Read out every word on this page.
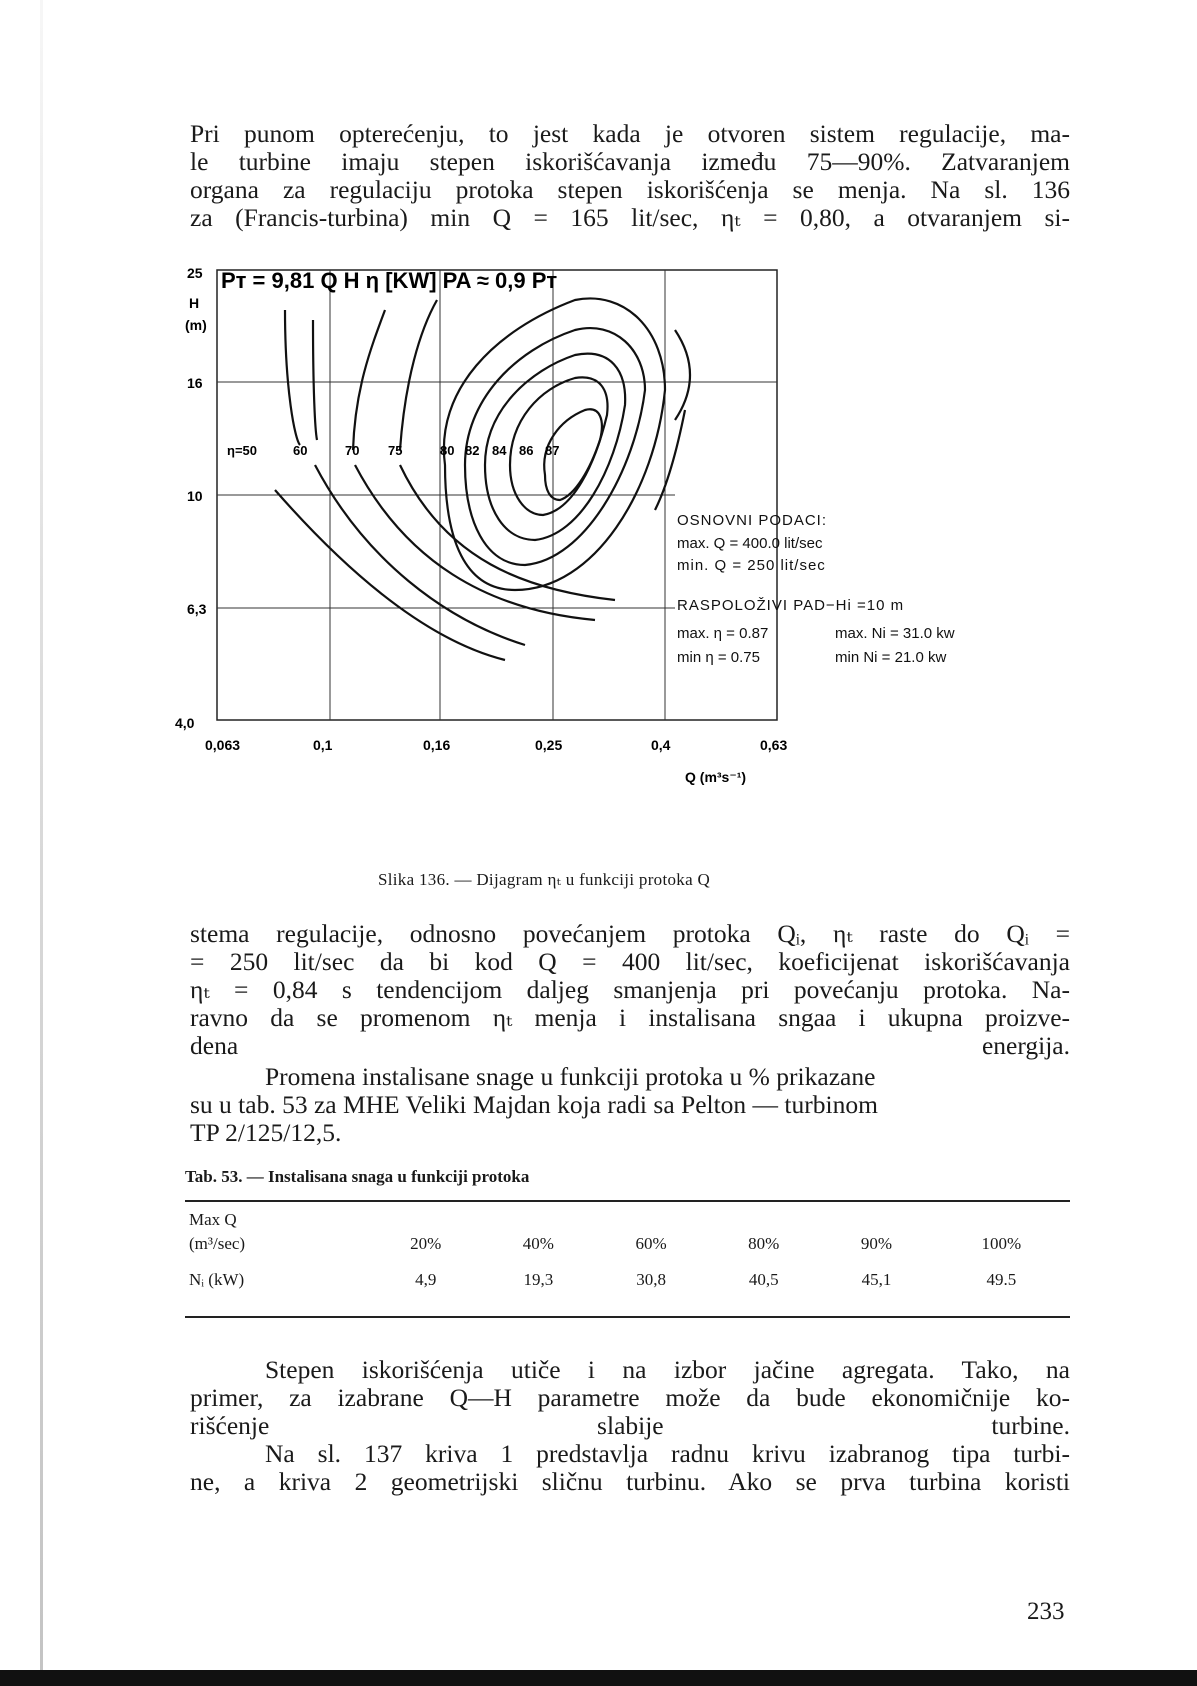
Pri punom opterećenju, to jest kada je otvoren sistem regulacije, ma-
le turbine imaju stepen iskorišćavanja između 75—90%. Zatvaranjem
organa za regulaciju protoka stepen iskorišćenja se menja. Na sl. 136
za (Francis-turbina) min Q = 165 lit/sec, ηₜ = 0,80, a otvaranjem si-
Pт = 9,81 Q H η [KW] PA ≈ 0,9 Pт
25
H
(m)
16
10
6,3
4,0
η=50	60	70 75	80 82 84 86 87
0,063	0,1	0,16	0,25	0,4	0,63
Q (m³s⁻¹)
OSNOVNI PODACI:
max. Q = 400.0 lit/sec
min. Q = 250 lit/sec
RASPOLOŽIVI PAD−Hi =10 m
max. η = 0.87	max. Ni = 31.0 kw
min η = 0.75	min Ni = 21.0 kw
Slika 136. — Dijagram ηₜ u funkciji protoka Q
stema regulacije, odnosno povećanjem protoka Qᵢ, ηₜ raste do Qᵢ =
= 250 lit/sec da bi kod Q = 400 lit/sec, koeficijenat iskorišćavanja
ηₜ = 0,84 s tendencijom daljeg smanjenja pri povećanju protoka. Na-
ravno da se promenom ηₜ menja i instalisana sngaa i ukupna proizve-
dena energija.
Promena instalisane snage u funkciji protoka u % prikazane
su u tab. 53 za MHE Veliki Majdan koja radi sa Pelton — turbinom
TP 2/125/12,5.
Tab. 53. — Instalisana snaga u funkciji protoka
Max Q						
(m³/sec)	20%	40%	60%	80%	90%	100%
Nᵢ (kW)	4,9	19,3	30,8	40,5	45,1	49.5
Stepen iskorišćenja utiče i na izbor jačine agregata. Tako, na
primer, za izabrane Q—H parametre može da bude ekonomičnije ko-
rišćenje slabije turbine.
Na sl. 137 kriva 1 predstavlja radnu krivu izabranog tipa turbi-
ne, a kriva 2 geometrijski sličnu turbinu. Ako se prva turbina koristi
233
